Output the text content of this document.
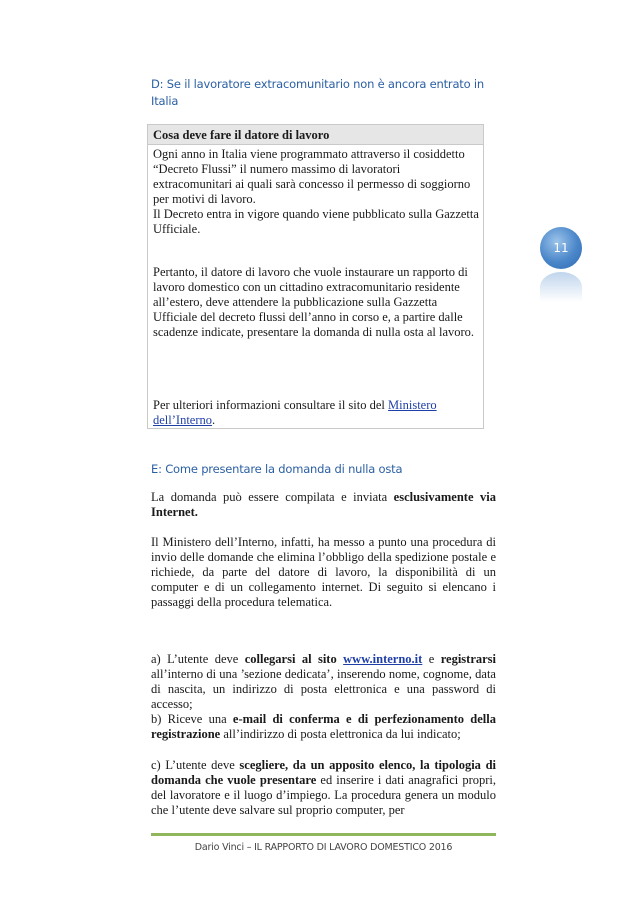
D: Se il lavoratore extracomunitario non è ancora entrato in
Italia
Cosa deve fare il datore di lavoro
Ogni anno in Italia viene programmato attraverso il cosiddetto “Decreto Flussi” il numero massimo di lavoratori extracomunitari ai quali sarà concesso il permesso di soggiorno per motivi di lavoro.
Il Decreto entra in vigore quando viene pubblicato sulla Gazzetta Ufficiale.
Pertanto, il datore di lavoro che vuole instaurare un rapporto di lavoro domestico con un cittadino extracomunitario residente all’estero, deve attendere la pubblicazione sulla Gazzetta Ufficiale del decreto flussi dell’anno in corso e, a partire dalle scadenze indicate, presentare la domanda di nulla osta al lavoro.
Per ulteriori informazioni consultare il sito del Ministero dell’Interno.
E: Come presentare la domanda di nulla osta
La domanda può essere compilata e inviata esclusivamente via Internet.
Il Ministero dell’Interno, infatti, ha messo a punto una procedura di invio delle domande che elimina l’obbligo della spedizione postale e richiede, da parte del datore di lavoro, la disponibilità di un computer e di un collegamento internet. Di seguito si elencano i passaggi della procedura telematica.
a) L’utente deve collegarsi al sito www.interno.it e registrarsi all’interno di una ’sezione dedicata’, inserendo nome, cognome, data di nascita, un indirizzo di posta elettronica e una password di accesso;
b) Riceve una e-mail di conferma e di perfezionamento della registrazione all’indirizzo di posta elettronica da lui indicato;
c) L’utente deve scegliere, da un apposito elenco, la tipologia di domanda che vuole presentare ed inserire i dati anagrafici propri, del lavoratore e il luogo d’impiego. La procedura genera un modulo che l’utente deve salvare sul proprio computer, per
11
Dario Vinci – IL RAPPORTO DI LAVORO DOMESTICO 2016
